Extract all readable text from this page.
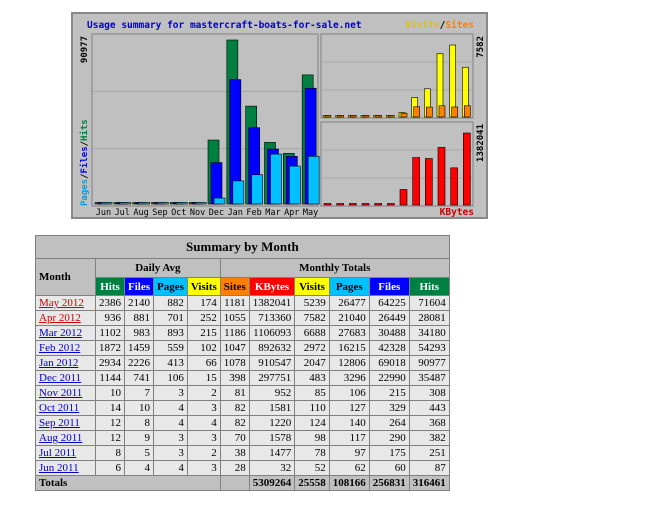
Usage summary for mastercraft-boats-for-sale.net	Visits/Sites
90977	7582
1382041
Pages/Files/Hits
KBytes
Jun Jul Aug Sep Oct Nov Dec Jan Feb Mar Apr May
Summary by Month										
Month	Daily Avg				Monthly Totals					
	Hits	Files	Pages	Visits	Sites	KBytes	Visits	Pages	Files	Hits
May 2012	2386	2140	882	174	1181	1382041	5239	26477	64225	71604
Apr 2012	936	881	701	252	1055	713360	7582	21040	26449	28081
Mar 2012	1102	983	893	215	1186	1106093	6688	27683	30488	34180
Feb 2012	1872	1459	559	102	1047	892632	2972	16215	42328	54293
Jan 2012	2934	2226	413	66	1078	910547	2047	12806	69018	90977
Dec 2011	1144	741	106	15	398	297751	483	3296	22990	35487
Nov 2011	10	7	3	2	81	952	85	106	215	308
Oct 2011	14	10	4	3	82	1581	110	127	329	443
Sep 2011	12	8	4	4	82	1220	124	140	264	368
Aug 2011	12	9	3	3	70	1578	98	117	290	382
Jul 2011	8	5	3	2	38	1477	78	97	175	251
Jun 2011	6	4	4	3	28	32	52	62	60	87
Totals						5309264	25558	108166	256831	316461
